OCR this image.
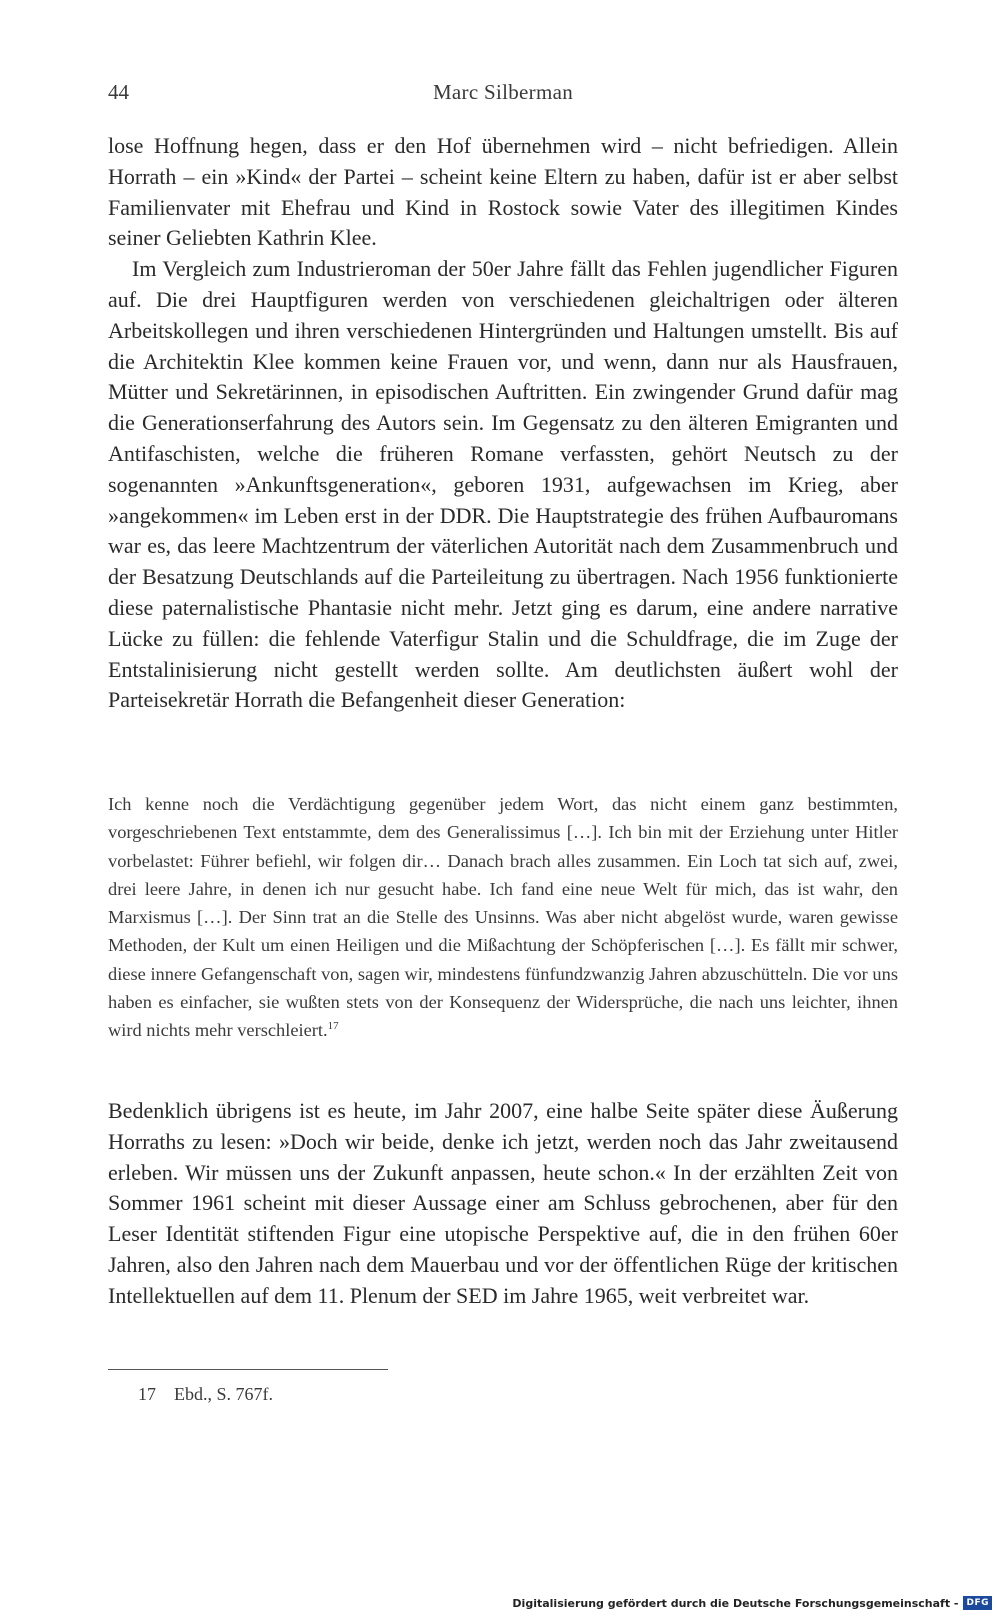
44	Marc Silberman

lose Hoffnung hegen, dass er den Hof übernehmen wird – nicht befriedigen. Allein Horrath – ein »Kind« der Partei – scheint keine Eltern zu haben, dafür ist er aber selbst Familienvater mit Ehefrau und Kind in Rostock sowie Vater des illegitimen Kindes seiner Geliebten Kathrin Klee.

Im Vergleich zum Industrieroman der 50er Jahre fällt das Fehlen jugendlicher Figuren auf. Die drei Hauptfiguren werden von verschiedenen gleichaltrigen oder älteren Arbeitskollegen und ihren verschiedenen Hintergründen und Haltungen umstellt. Bis auf die Architektin Klee kommen keine Frauen vor, und wenn, dann nur als Hausfrauen, Mütter und Sekretärinnen, in episodischen Auftritten. Ein zwingender Grund dafür mag die Generationserfahrung des Autors sein. Im Gegensatz zu den älteren Emigranten und Antifaschisten, welche die früheren Romane verfassten, gehört Neutsch zu der sogenannten »Ankunftsgeneration«, geboren 1931, aufgewachsen im Krieg, aber »angekommen« im Leben erst in der DDR. Die Hauptstrategie des frühen Aufbauromans war es, das leere Machtzentrum der väterlichen Autorität nach dem Zusammenbruch und der Besatzung Deutschlands auf die Parteileitung zu übertragen. Nach 1956 funktionierte diese paternalistische Phantasie nicht mehr. Jetzt ging es darum, eine andere narrative Lücke zu füllen: die fehlende Vaterfigur Stalin und die Schuldfrage, die im Zuge der Entstalinisierung nicht gestellt werden sollte. Am deutlichsten äußert wohl der Parteisekretär Horrath die Befangenheit dieser Generation:

Ich kenne noch die Verdächtigung gegenüber jedem Wort, das nicht einem ganz bestimmten, vorgeschriebenen Text entstammte, dem des Generalissimus […]. Ich bin mit der Erziehung unter Hitler vorbelastet: Führer befiehl, wir folgen dir… Danach brach alles zusammen. Ein Loch tat sich auf, zwei, drei leere Jahre, in denen ich nur gesucht habe. Ich fand eine neue Welt für mich, das ist wahr, den Marxismus […]. Der Sinn trat an die Stelle des Unsinns. Was aber nicht abgelöst wurde, waren gewisse Methoden, der Kult um einen Heiligen und die Mißachtung der Schöpferischen […]. Es fällt mir schwer, diese innere Gefangenschaft von, sagen wir, mindestens fünfundzwanzig Jahren abzuschütteln. Die vor uns haben es einfacher, sie wußten stets von der Konsequenz der Widersprüche, die nach uns leichter, ihnen wird nichts mehr verschleiert.$^{17}$

Bedenklich übrigens ist es heute, im Jahr 2007, eine halbe Seite später diese Äußerung Horraths zu lesen: »Doch wir beide, denke ich jetzt, werden noch das Jahr zweitausend erleben. Wir müssen uns der Zukunft anpassen, heute schon.« In der erzählten Zeit von Sommer 1961 scheint mit dieser Aussage einer am Schluss gebrochenen, aber für den Leser Identität stiftenden Figur eine utopische Perspektive auf, die in den frühen 60er Jahren, also den Jahren nach dem Mauerbau und vor der öffentlichen Rüge der kritischen Intellektuellen auf dem 11. Plenum der SED im Jahre 1965, weit verbreitet war.

17 Ebd., S. 767f.
Digitalisierung gefördert durch die Deutsche Forschungsgemeinschaft - DFG
